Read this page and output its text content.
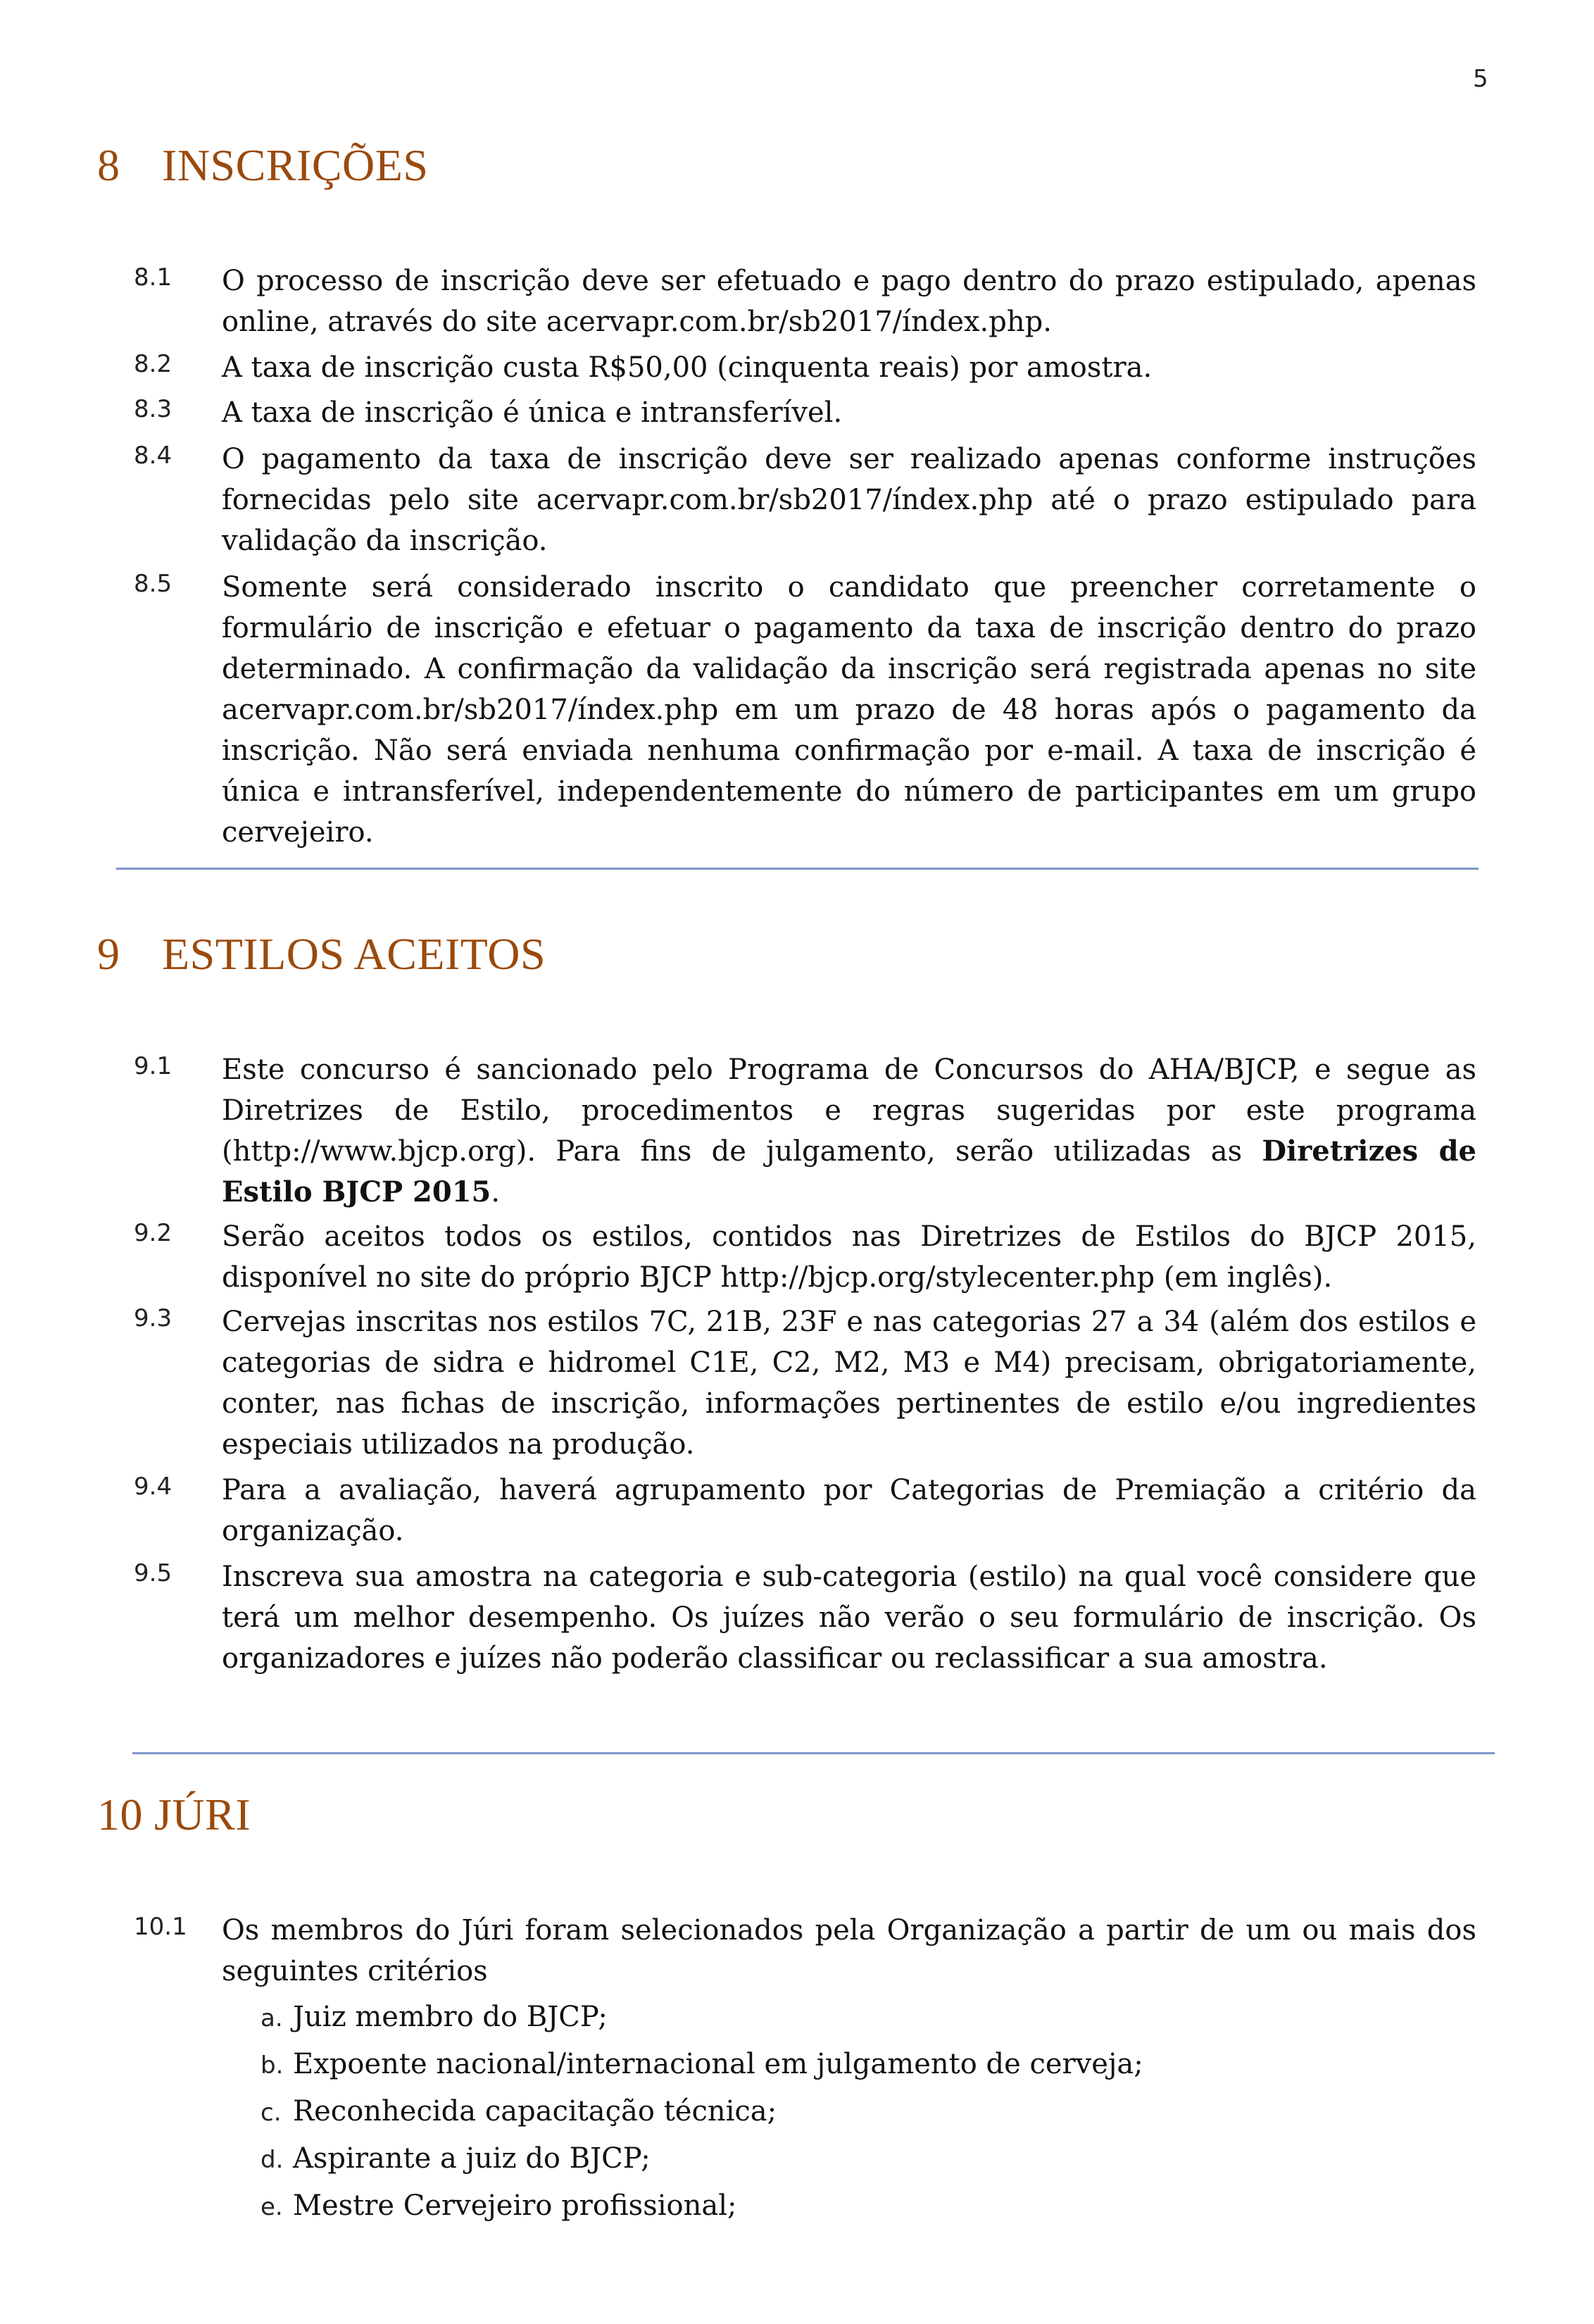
5
8 INSCRIÇÕES
8.1 O processo de inscrição deve ser efetuado e pago dentro do prazo estipulado, apenas online, através do site acervapr.com.br/sb2017/índex.php.
8.2 A taxa de inscrição custa R$50,00 (cinquenta reais) por amostra.
8.3 A taxa de inscrição é única e intransferível.
8.4 O pagamento da taxa de inscrição deve ser realizado apenas conforme instruções fornecidas pelo site acervapr.com.br/sb2017/índex.php até o prazo estipulado para validação da inscrição.
8.5 Somente será considerado inscrito o candidato que preencher corretamente o formulário de inscrição e efetuar o pagamento da taxa de inscrição dentro do prazo determinado. A confirmação da validação da inscrição será registrada apenas no site acervapr.com.br/sb2017/índex.php em um prazo de 48 horas após o pagamento da inscrição. Não será enviada nenhuma confirmação por e-mail. A taxa de inscrição é única e intransferível, independentemente do número de participantes em um grupo cervejeiro.
9 ESTILOS ACEITOS
9.1 Este concurso é sancionado pelo Programa de Concursos do AHA/BJCP, e segue as Diretrizes de Estilo, procedimentos e regras sugeridas por este programa (http://www.bjcp.org). Para fins de julgamento, serão utilizadas as Diretrizes de Estilo BJCP 2015.
9.2 Serão aceitos todos os estilos, contidos nas Diretrizes de Estilos do BJCP 2015, disponível no site do próprio BJCP http://bjcp.org/stylecenter.php (em inglês).
9.3 Cervejas inscritas nos estilos 7C, 21B, 23F e nas categorias 27 a 34 (além dos estilos e categorias de sidra e hidromel C1E, C2, M2, M3 e M4) precisam, obrigatoriamente, conter, nas fichas de inscrição, informações pertinentes de estilo e/ou ingredientes especiais utilizados na produção.
9.4 Para a avaliação, haverá agrupamento por Categorias de Premiação a critério da organização.
9.5 Inscreva sua amostra na categoria e sub-categoria (estilo) na qual você considere que terá um melhor desempenho. Os juízes não verão o seu formulário de inscrição. Os organizadores e juízes não poderão classificar ou reclassificar a sua amostra.
10 JÚRI
10.1 Os membros do Júri foram selecionados pela Organização a partir de um ou mais dos seguintes critérios
a. Juiz membro do BJCP;
b. Expoente nacional/internacional em julgamento de cerveja;
c. Reconhecida capacitação técnica;
d. Aspirante a juiz do BJCP;
e. Mestre Cervejeiro profissional;
